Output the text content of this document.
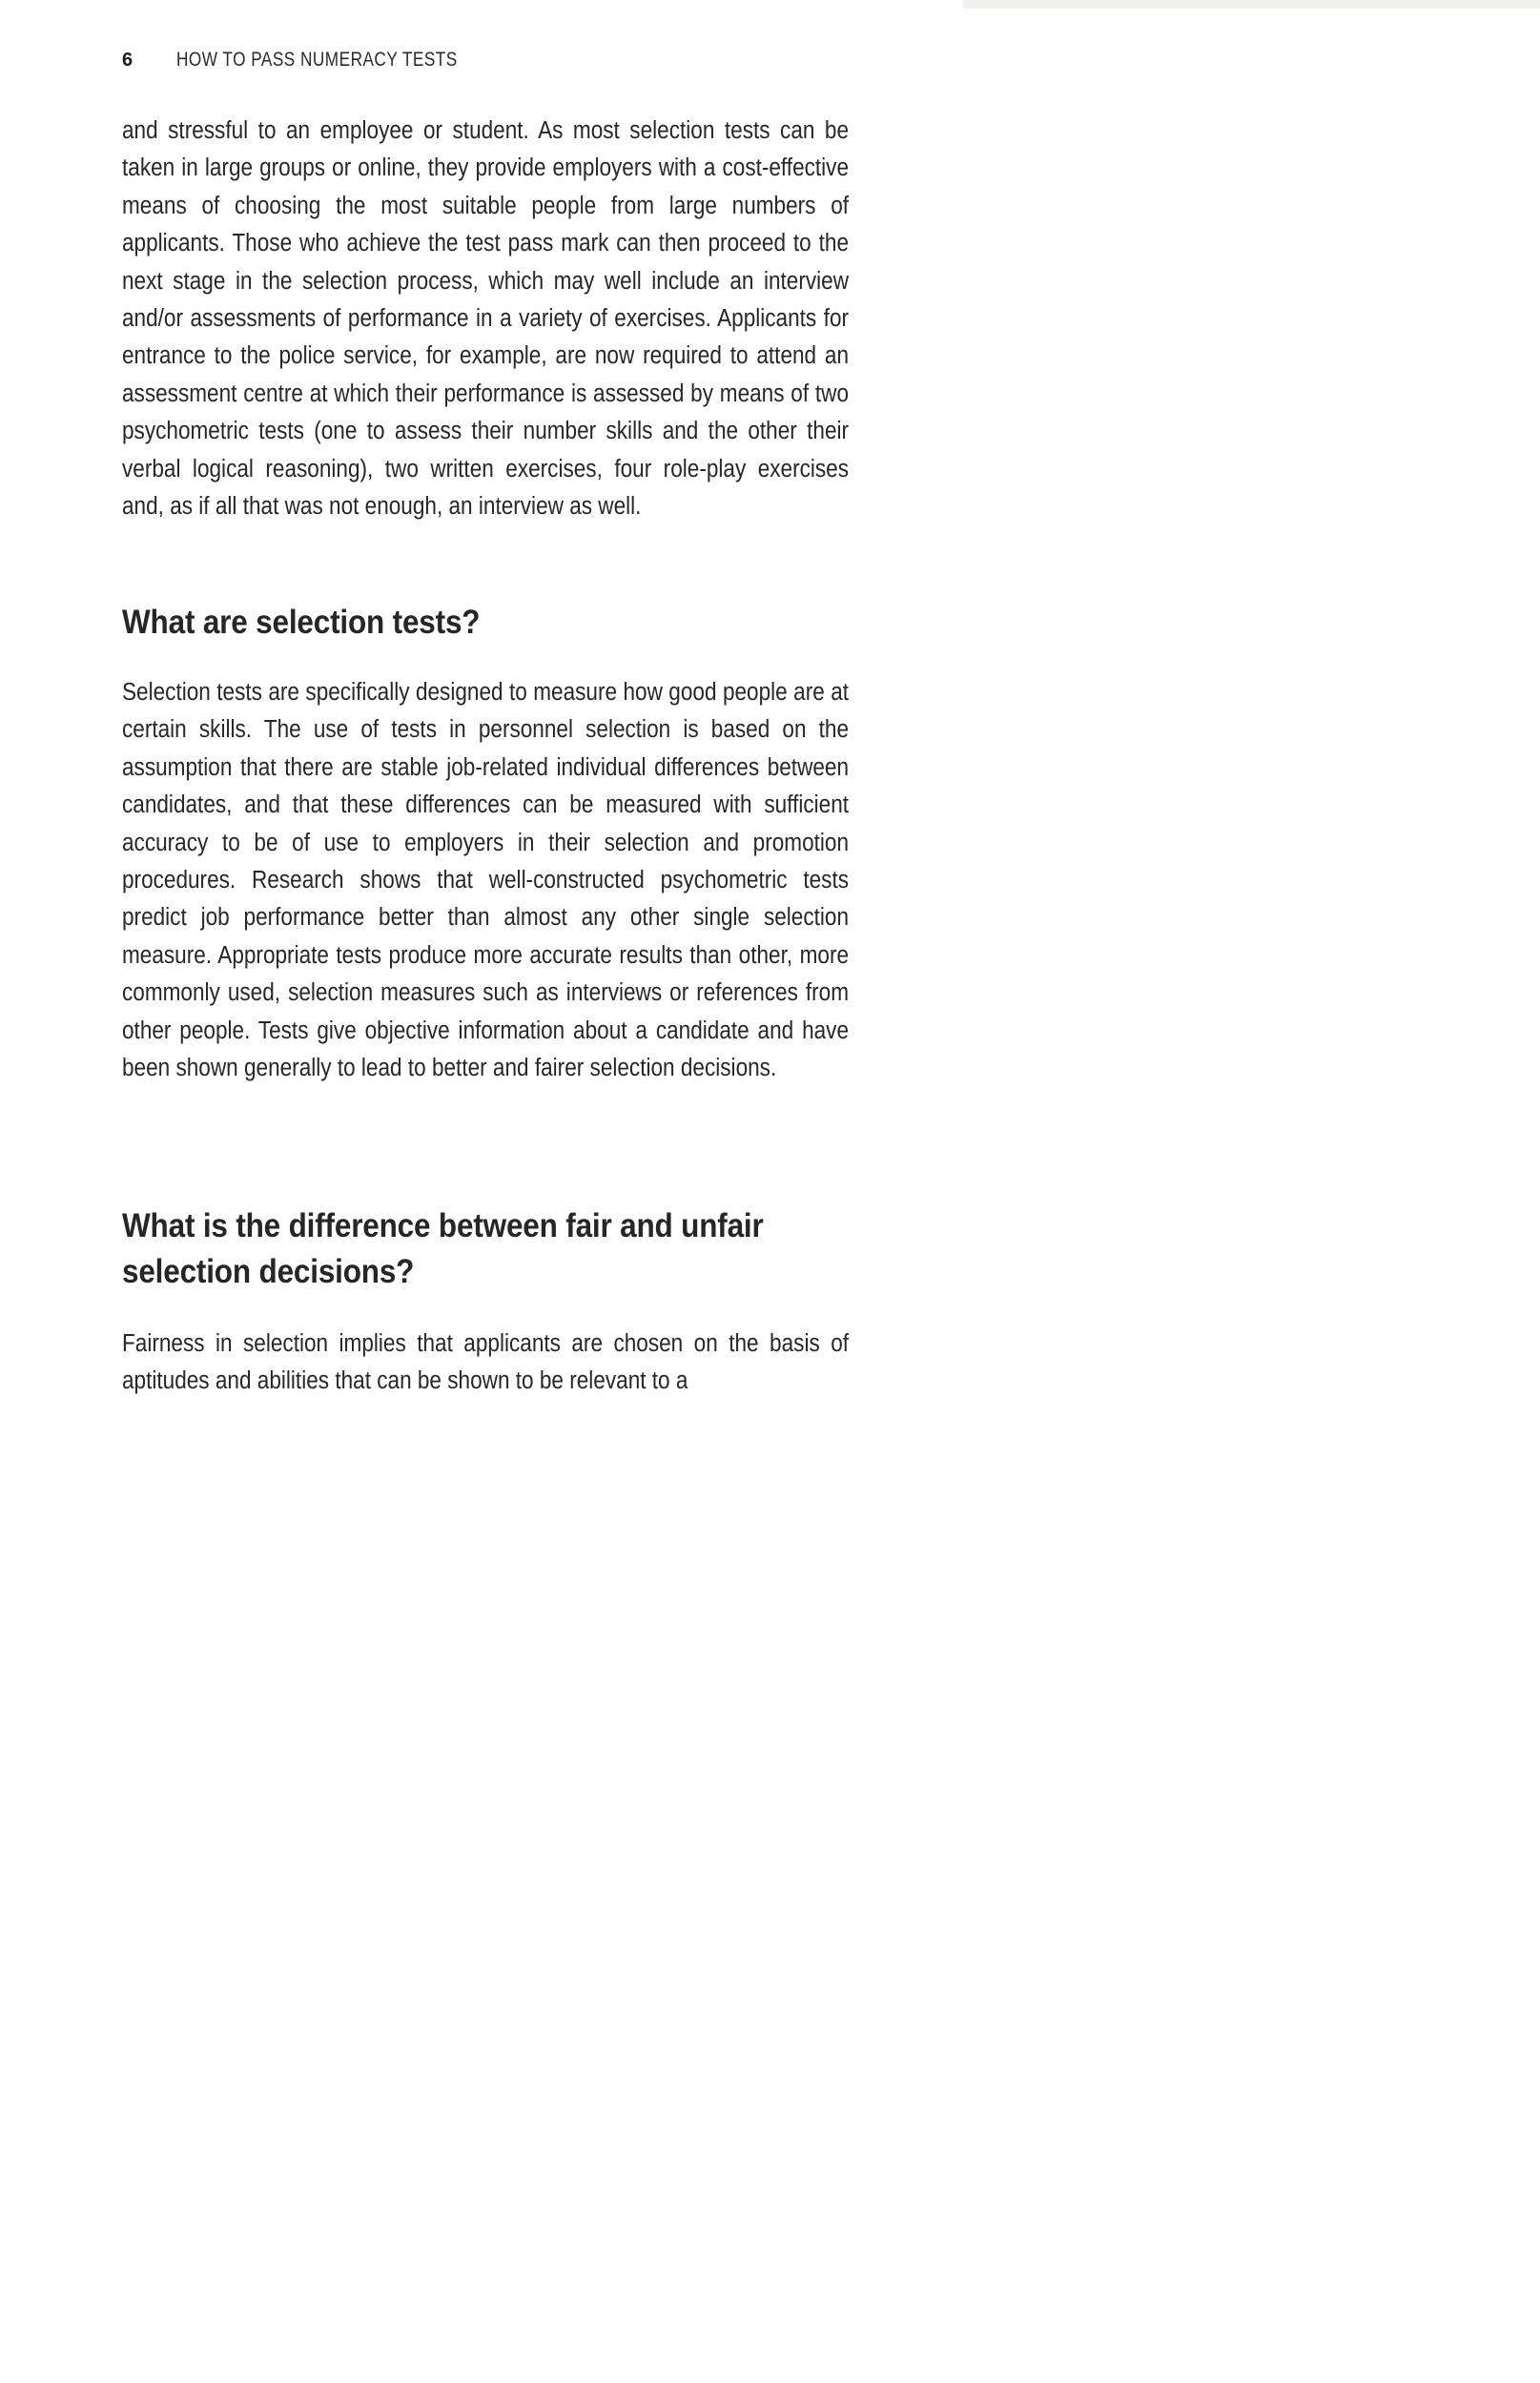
6 HOW TO PASS NUMERACY TESTS

and stressful to an employee or student. As most selection tests can be taken in large groups or online, they provide employers with a cost-effective means of choosing the most suitable people from large numbers of applicants. Those who achieve the test pass mark can then proceed to the next stage in the selection process, which may well include an interview and/or assessments of performance in a variety of exercises. Applicants for entrance to the police service, for example, are now required to attend an assessment centre at which their performance is assessed by means of two psychometric tests (one to assess their number skills and the other their verbal logical reasoning), two written exercises, four role-play exercises and, as if all that was not enough, an interview as well.

What are selection tests?

Selection tests are specifically designed to measure how good people are at certain skills. The use of tests in personnel selection is based on the assumption that there are stable job-related individual differences between candidates, and that these differences can be measured with sufficient accuracy to be of use to employers in their selection and promotion procedures. Research shows that well-constructed psychometric tests predict job performance better than almost any other single selection measure. Appropriate tests produce more accurate results than other, more commonly used, selection measures such as interviews or references from other people. Tests give objective information about a candidate and have been shown generally to lead to better and fairer selection decisions.

What is the difference between fair and unfair selection decisions?

Fairness in selection implies that applicants are chosen on the basis of aptitudes and abilities that can be shown to be relevant to a
